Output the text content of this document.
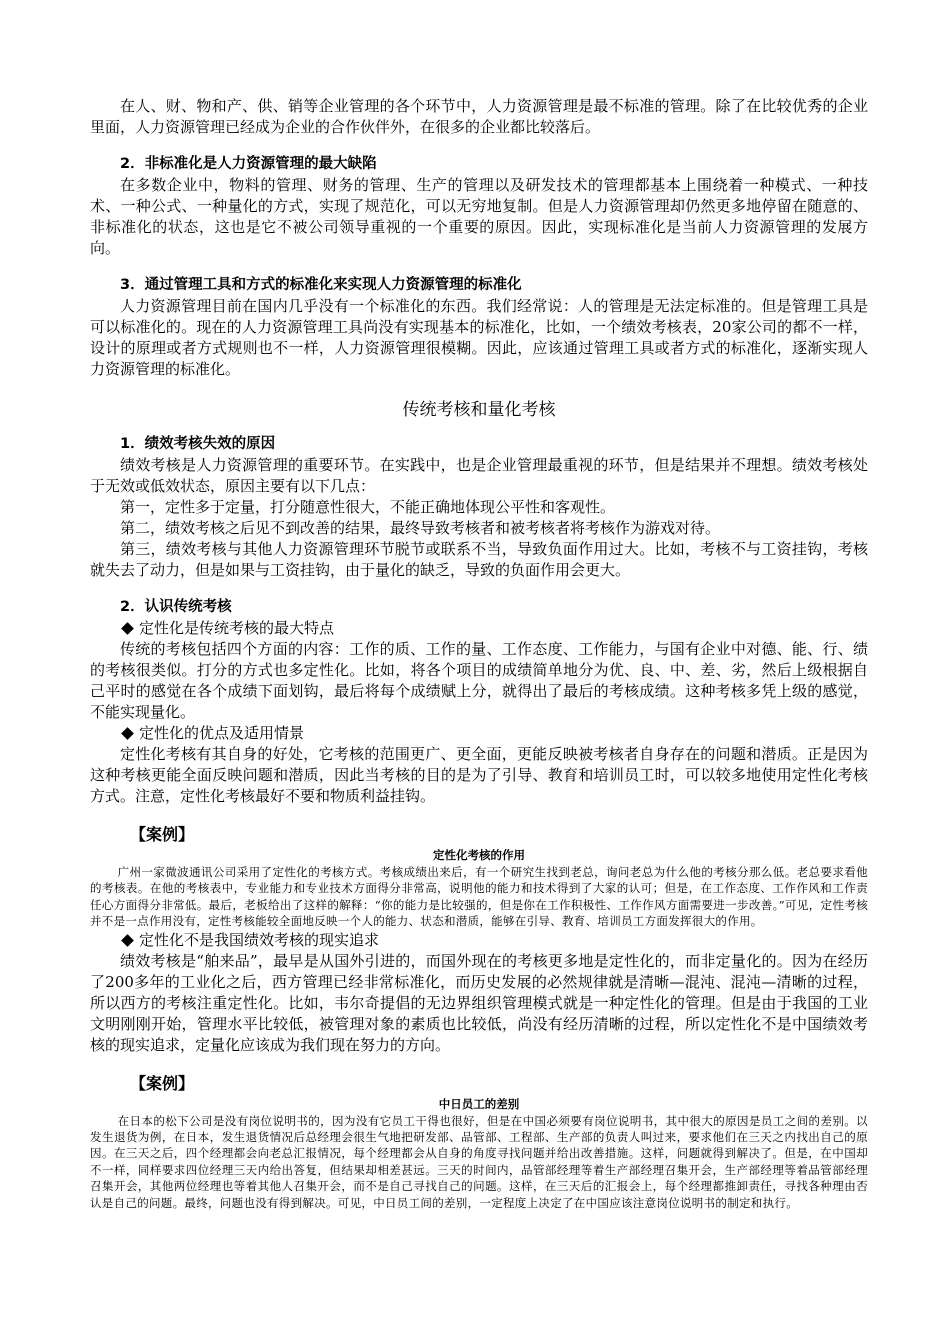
在人、财、物和产、供、销等企业管理的各个环节中，人力资源管理是最不标准的管理。除了在比较优秀的企业里面，人力资源管理已经成为企业的合作伙伴外，在很多的企业都比较落后。

2．非标准化是人力资源管理的最大缺陷

在多数企业中，物料的管理、财务的管理、生产的管理以及研发技术的管理都基本上围绕着一种模式、一种技术、一种公式、一种量化的方式，实现了规范化，可以无穷地复制。但是人力资源管理却仍然更多地停留在随意的、非标准化的状态，这也是它不被公司领导重视的一个重要的原因。因此，实现标准化是当前人力资源管理的发展方向。

3．通过管理工具和方式的标准化来实现人力资源管理的标准化

人力资源管理目前在国内几乎没有一个标准化的东西。我们经常说：人的管理是无法定标准的。但是管理工具是可以标准化的。现在的人力资源管理工具尚没有实现基本的标准化，比如，一个绩效考核表，20家公司的都不一样，设计的原理或者方式规则也不一样，人力资源管理很模糊。因此，应该通过管理工具或者方式的标准化，逐渐实现人力资源管理的标准化。

传统考核和量化考核

1．绩效考核失效的原因

绩效考核是人力资源管理的重要环节。在实践中，也是企业管理最重视的环节，但是结果并不理想。绩效考核处于无效或低效状态，原因主要有以下几点：

第一，定性多于定量，打分随意性很大，不能正确地体现公平性和客观性。

第二，绩效考核之后见不到改善的结果，最终导致考核者和被考核者将考核作为游戏对待。

第三，绩效考核与其他人力资源管理环节脱节或联系不当，导致负面作用过大。比如，考核不与工资挂钩，考核就失去了动力，但是如果与工资挂钩，由于量化的缺乏，导致的负面作用会更大。

2．认识传统考核

定性化是传统考核的最大特点

传统的考核包括四个方面的内容：工作的质、工作的量、工作态度、工作能力，与国有企业中对德、能、行、绩的考核很类似。打分的方式也多定性化。比如，将各个项目的成绩简单地分为优、良、中、差、劣，然后上级根据自己平时的感觉在各个成绩下面划钩，最后将每个成绩赋上分，就得出了最后的考核成绩。这种考核多凭上级的感觉，不能实现量化。

定性化的优点及适用情景

定性化考核有其自身的好处，它考核的范围更广、更全面，更能反映被考核者自身存在的问题和潜质。正是因为这种考核更能全面反映问题和潜质，因此当考核的目的是为了引导、教育和培训员工时，可以较多地使用定性化考核方式。注意，定性化考核最好不要和物质利益挂钩。

【案例】

定性化考核的作用

广州一家微波通讯公司采用了定性化的考核方式。考核成绩出来后，有一个研究生找到老总，询问老总为什么他的考核分那么低。老总要求看他的考核表。在他的考核表中，专业能力和专业技术方面得分非常高，说明他的能力和技术得到了大家的认可；但是，在工作态度、工作作风和工作责任心方面得分非常低。最后，老板给出了这样的解释：“你的能力是比较强的，但是你在工作积极性、工作作风方面需要进一步改善。”可见，定性考核并不是一点作用没有，定性考核能较全面地反映一个人的能力、状态和潜质，能够在引导、教育、培训员工方面发挥很大的作用。

定性化不是我国绩效考核的现实追求

绩效考核是“舶来品”，最早是从国外引进的，而国外现在的考核更多地是定性化的，而非定量化的。因为在经历了200多年的工业化之后，西方管理已经非常标准化，而历史发展的必然规律就是清晰—混沌、混沌—清晰的过程，所以西方的考核注重定性化。比如，韦尔奇提倡的无边界组织管理模式就是一种定性化的管理。但是由于我国的工业文明刚刚开始，管理水平比较低，被管理对象的素质也比较低，尚没有经历清晰的过程，所以定性化不是中国绩效考核的现实追求，定量化应该成为我们现在努力的方向。

【案例】

中日员工的差别

在日本的松下公司是没有岗位说明书的，因为没有它员工干得也很好，但是在中国必须要有岗位说明书，其中很大的原因是员工之间的差别。以发生退货为例，在日本，发生退货情况后总经理会很生气地把研发部、品管部、工程部、生产部的负责人叫过来，要求他们在三天之内找出自己的原因。在三天之后，四个经理都会向老总汇报情况，每个经理都会从自身的角度寻找问题并给出改善措施。这样，问题就得到解决了。但是，在中国却不一样，同样要求四位经理三天内给出答复，但结果却相差甚远。三天的时间内，品管部经理等着生产部经理召集开会，生产部经理等着品管部经理召集开会，其他两位经理也等着其他人召集开会，而不是自己寻找自己的问题。这样，在三天后的汇报会上，每个经理都推卸责任，寻找各种理由否认是自己的问题。最终，问题也没有得到解决。可见，中日员工间的差别，一定程度上决定了在中国应该注意岗位说明书的制定和执行。
